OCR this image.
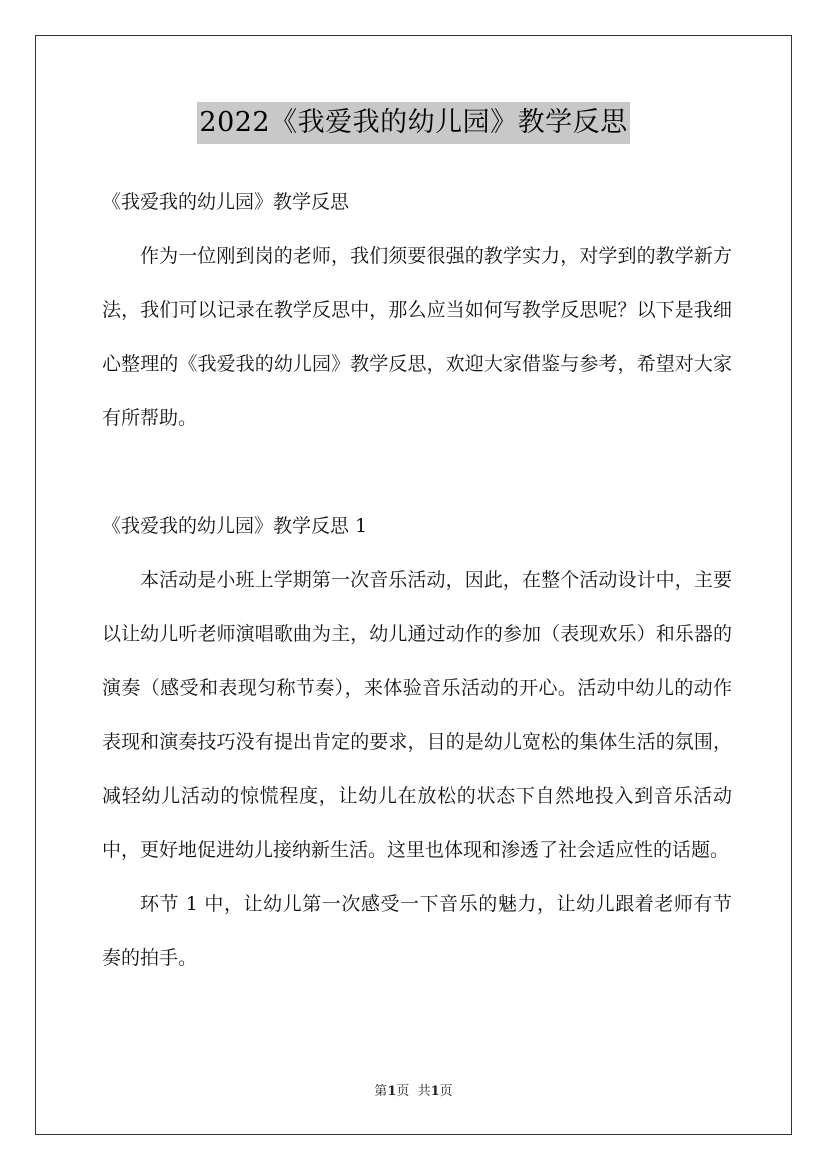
2022《我爱我的幼儿园》教学反思

《我爱我的幼儿园》教学反思

作为一位刚到岗的老师，我们须要很强的教学实力，对学到的教学新方法，我们可以记录在教学反思中，那么应当如何写教学反思呢？以下是我细心整理的《我爱我的幼儿园》教学反思，欢迎大家借鉴与参考，希望对大家有所帮助。

《我爱我的幼儿园》教学反思 1

本活动是小班上学期第一次音乐活动，因此，在整个活动设计中，主要以让幼儿听老师演唱歌曲为主，幼儿通过动作的参加（表现欢乐）和乐器的演奏（感受和表现匀称节奏），来体验音乐活动的开心。活动中幼儿的动作表现和演奏技巧没有提出肯定的要求，目的是幼儿宽松的集体生活的氛围，减轻幼儿活动的惊慌程度，让幼儿在放松的状态下自然地投入到音乐活动中，更好地促进幼儿接纳新生活。这里也体现和渗透了社会适应性的话题。

环节 1 中，让幼儿第一次感受一下音乐的魅力，让幼儿跟着老师有节奏的拍手。

第1页  共1页
